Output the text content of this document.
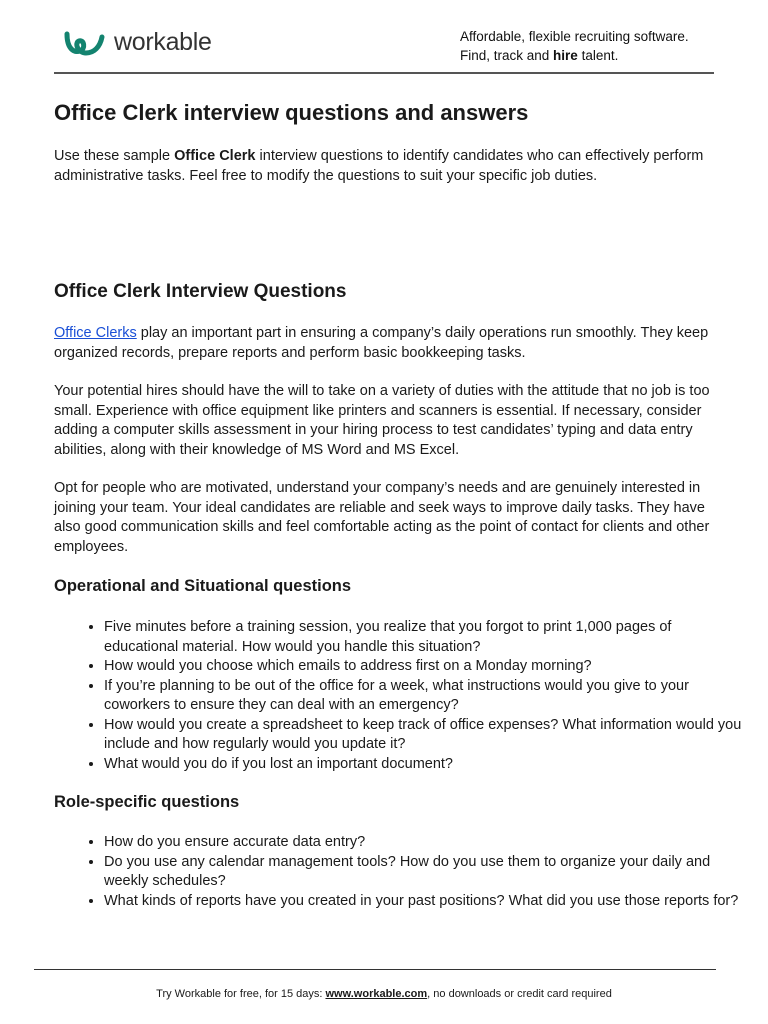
workable	Affordable, flexible recruiting software.
Find, track and hire talent.
Office Clerk interview questions and answers

Use these sample Office Clerk interview questions to identify candidates who can effectively perform administrative tasks. Feel free to modify the questions to suit your specific job duties.

Office Clerk Interview Questions

Office Clerks play an important part in ensuring a company’s daily operations run smoothly. They keep organized records, prepare reports and perform basic bookkeeping tasks.

Your potential hires should have the will to take on a variety of duties with the attitude that no job is too small. Experience with office equipment like printers and scanners is essential. If necessary, consider adding a computer skills assessment in your hiring process to test candidates’ typing and data entry abilities, along with their knowledge of MS Word and MS Excel.

Opt for people who are motivated, understand your company’s needs and are genuinely interested in joining your team. Your ideal candidates are reliable and seek ways to improve daily tasks. They have also good communication skills and feel comfortable acting as the point of contact for clients and other employees.

Operational and Situational questions
• Five minutes before a training session, you realize that you forgot to print 1,000 pages of educational material. How would you handle this situation?
• How would you choose which emails to address first on a Monday morning?
• If you’re planning to be out of the office for a week, what instructions would you give to your coworkers to ensure they can deal with an emergency?
• How would you create a spreadsheet to keep track of office expenses? What information would you include and how regularly would you update it?
• What would you do if you lost an important document?
Role-specific questions
• How do you ensure accurate data entry?
• Do you use any calendar management tools? How do you use them to organize your daily and weekly schedules?
• What kinds of reports have you created in your past positions? What did you use those reports for?
Try Workable for free, for 15 days: www.workable.com, no downloads or credit card required
